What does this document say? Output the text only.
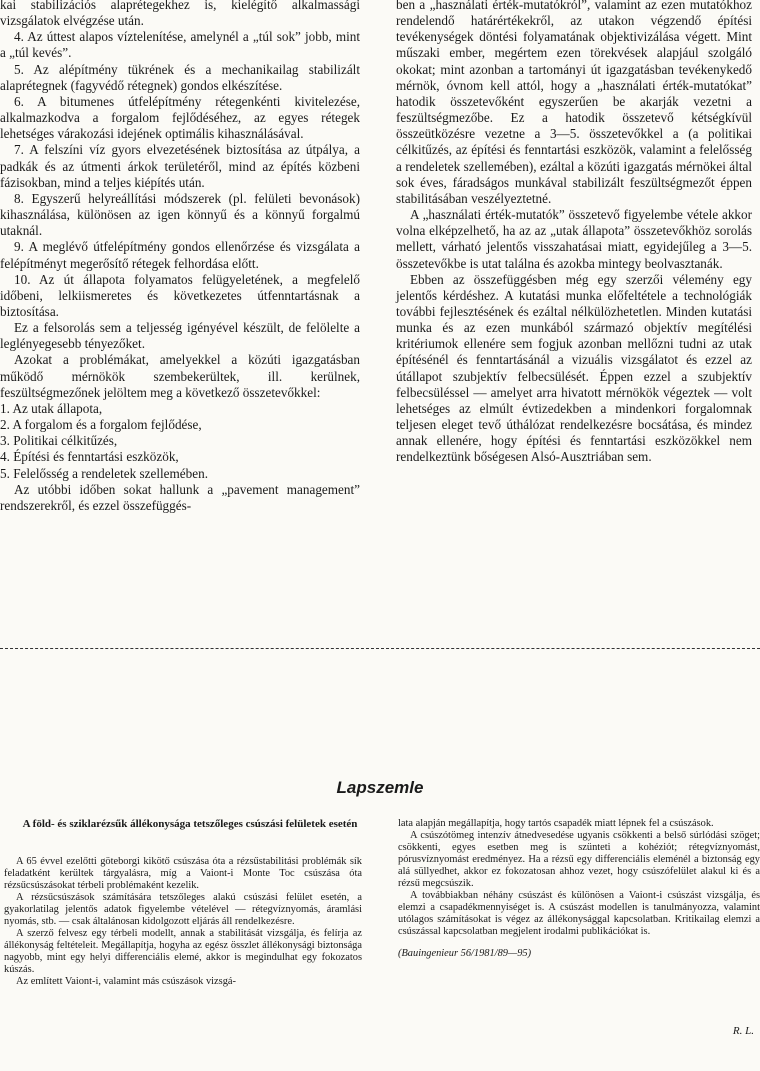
kai stabilizációs alaprétegekhez is, kielégítő alkalmassági vizsgálatok elvégzése után.

4. Az úttest alapos víztelenítése, amelynél a „túl sok” jobb, mint a „túl kevés”.

5. Az alépítmény tükrének és a mechanikailag stabilizált alaprétegnek (fagyvédő rétegnek) gondos elkészítése.

6. A bitumenes útfelépítmény rétegenkénti kivitelezése, alkalmazkodva a forgalom fejlődéséhez, az egyes rétegek lehetséges várakozási idejének optimális kihasználásával.

7. A felszíni víz gyors elvezetésének biztosítása az útpálya, a padkák és az útmenti árkok területéről, mind az építés közbeni fázisokban, mind a teljes kiépítés után.

8. Egyszerű helyreállítási módszerek (pl. felületi bevonások) kihasználása, különösen az igen könnyű és a könnyű forgalmú utaknál.

9. A meglévő útfelépítmény gondos ellenőrzése és vizsgálata a felépítményt megerősítő rétegek felhordása előtt.

10. Az út állapota folyamatos felügyeletének, a megfelelő időbeni, lelkiismeretes és következetes útfenntartásnak a biztosítása.

Ez a felsorolás sem a teljesség igényével készült, de felölelte a leglényegesebb tényezőket.

Azokat a problémákat, amelyekkel a közúti igazgatásban működő mérnökök szembekerültek, ill. kerülnek, feszültségmezőnek jelöltem meg a következő összetevőkkel:

1. Az utak állapota,

2. A forgalom és a forgalom fejlődése,

3. Politikai célkitűzés,

4. Építési és fenntartási eszközök,

5. Felelősség a rendeletek szellemében.

Az utóbbi időben sokat hallunk a „pavement management” rendszerekről, és ezzel összefüggés-

ben a „használati érték-mutatókról”, valamint az ezen mutatókhoz rendelendő határértékekről, az utakon végzendő építési tevékenységek döntési folyamatának objektivizálása végett. Mint műszaki ember, megértem ezen törekvések alapjául szolgáló okokat; mint azonban a tartományi út igazgatásban tevékenykedő mérnök, óvnom kell attól, hogy a „használati érték-mutatókat” hatodik összetevőként egyszerűen be akarják vezetni a feszültségmezőbe. Ez a hatodik összetevő kétségkívül összeütközésre vezetne a 3—5. összetevőkkel a (a politikai célkitűzés, az építési és fenntartási eszközök, valamint a felelősség a rendeletek szellemében), ezáltal a közúti igazgatás mérnökei által sok éves, fáradságos munkával stabilizált feszültségmezőt éppen stabilitásában veszélyeztetné.

A „használati érték-mutatók” összetevő figyelembe vétele akkor volna elképzelhető, ha az az „utak állapota” összetevőkhöz sorolás mellett, várható jelentős visszahatásai miatt, egyidejűleg a 3—5. összetevőkbe is utat találna és azokba mintegy beolvasztanák.

Ebben az összefüggésben még egy szerzői vélemény egy jelentős kérdéshez. A kutatási munka előfeltétele a technológiák további fejlesztésének és ezáltal nélkülözhetetlen. Minden kutatási munka és az ezen munkából származó objektív megítélési kritériumok ellenére sem fogjuk azonban mellőzni tudni az utak építésénél és fenntartásánál a vizuális vizsgálatot és ezzel az útállapot szubjektív felbecsülését. Éppen ezzel a szubjektív felbecsüléssel — amelyet arra hivatott mérnökök végeztek — volt lehetséges az elmúlt évtizedekben a mindenkori forgalomnak teljesen eleget tevő úthálózat rendelkezésre bocsátása, és mindez annak ellenére, hogy építési és fenntartási eszközökkel nem rendelkeztünk bőségesen Alsó-Ausztriában sem.

Lapszemle
A föld- és sziklarézsűk állékonysága tetszőleges csúszási felületek esetén

A 65 évvel ezelőtti göteborgi kikötő csúszása óta a rézsűstabilitási problémák sík feladatként kerültek tárgyalásra, míg a Vaiont-i Monte Toc csúszása óta rézsűcsúszásokat térbeli problémaként kezelik.

A rézsűcsúszások számítására tetszőleges alakú csúszási felület esetén, a gyakorlatilag jelentős adatok figyelembe vételével — rétegvíznyomás, áramlási nyomás, stb. — csak általánosan kidolgozott eljárás áll rendelkezésre.

A szerző felvesz egy térbeli modellt, annak a stabilitását vizsgálja, és felírja az állékonyság feltételeit. Megállapítja, hogyha az egész összlet állékonysági biztonsága nagyobb, mint egy helyi differenciális elemé, akkor is megindulhat egy fokozatos kúszás.

Az említett Vaiont-i, valamint más csúszások vizsgá-

lata alapján megállapítja, hogy tartós csapadék miatt lépnek fel a csúszások.

A csúszótömeg intenzív átnedvesedése ugyanis csökkenti a belső súrlódási szöget; csökkenti, egyes esetben meg is szünteti a kohéziót; rétegvíznyomást, pórusvíznyomást eredményez. Ha a rézsű egy differenciális eleménél a biztonság egy alá süllyedhet, akkor ez fokozatosan ahhoz vezet, hogy csúszófelület alakul ki és a rézsű megcsúszik.

A továbbiakban néhány csúszást és különösen a Vaiont-i csúszást vizsgálja, és elemzi a csapadékmennyiséget is. A csúszást modellen is tanulmányozza, valamint utólagos számításokat is végez az állékonysággal kapcsolatban. Kritikailag elemzi a csúszással kapcsolatban megjelent irodalmi publikációkat is.

(Bauingenieur 56/1981/89—95)

R. L.
